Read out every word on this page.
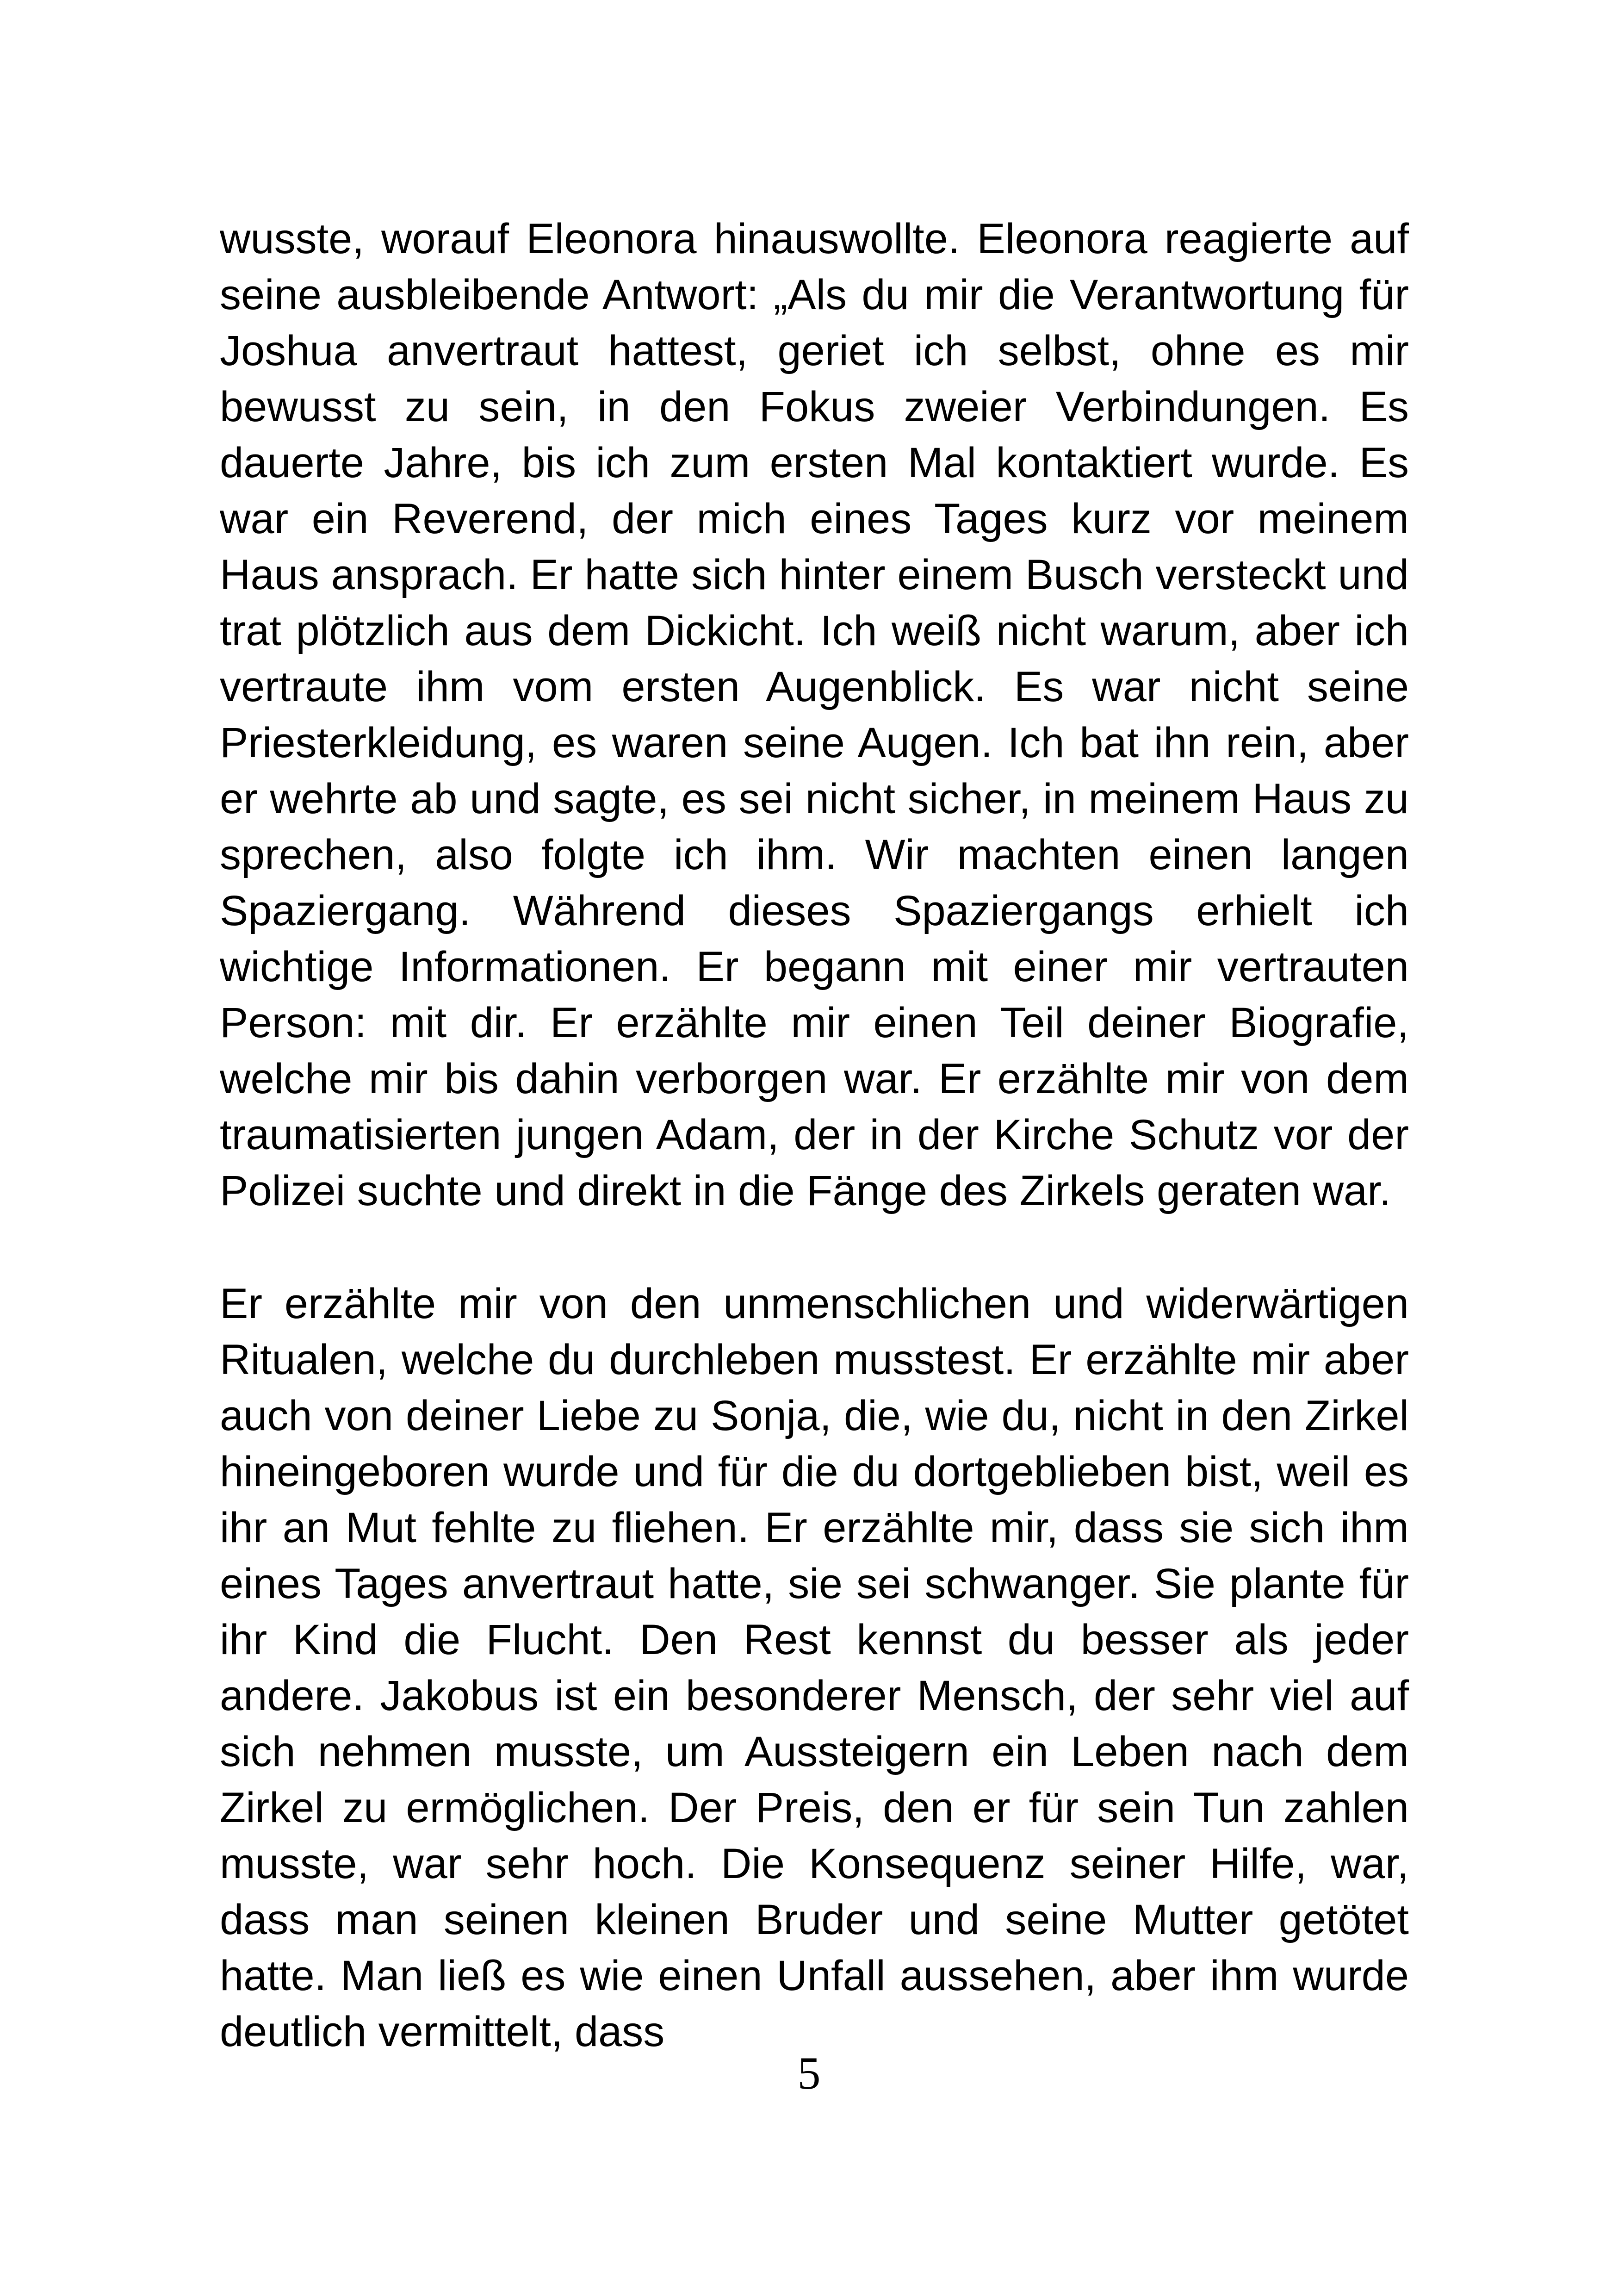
wusste, worauf Eleonora hinauswollte. Eleonora reagierte auf seine ausbleibende Antwort: „Als du mir die Verantwortung für Joshua anvertraut hattest, geriet ich selbst, ohne es mir bewusst zu sein, in den Fokus zweier Verbindungen. Es dauerte Jahre, bis ich zum ersten Mal kontaktiert wurde. Es war ein Reverend, der mich eines Tages kurz vor meinem Haus ansprach. Er hatte sich hinter einem Busch versteckt und trat plötzlich aus dem Dickicht. Ich weiß nicht warum, aber ich vertraute ihm vom ersten Augenblick. Es war nicht seine Priesterkleidung, es waren seine Augen. Ich bat ihn rein, aber er wehrte ab und sagte, es sei nicht sicher, in meinem Haus zu sprechen, also folgte ich ihm. Wir machten einen langen Spaziergang. Während dieses Spaziergangs erhielt ich wichtige Informationen. Er begann mit einer mir vertrauten Person: mit dir. Er erzählte mir einen Teil deiner Biografie, welche mir bis dahin verborgen war. Er erzählte mir von dem traumatisierten jungen Adam, der in der Kirche Schutz vor der Polizei suchte und direkt in die Fänge des Zirkels geraten war.

Er erzählte mir von den unmenschlichen und widerwärtigen Ritualen, welche du durchleben musstest. Er erzählte mir aber auch von deiner Liebe zu Sonja, die, wie du, nicht in den Zirkel hineingeboren wurde und für die du dortgeblieben bist, weil es ihr an Mut fehlte zu fliehen. Er erzählte mir, dass sie sich ihm eines Tages anvertraut hatte, sie sei schwanger. Sie plante für ihr Kind die Flucht. Den Rest kennst du besser als jeder andere. Jakobus ist ein besonderer Mensch, der sehr viel auf sich nehmen musste, um Aussteigern ein Leben nach dem Zirkel zu ermöglichen. Der Preis, den er für sein Tun zahlen musste, war sehr hoch. Die Konsequenz seiner Hilfe, war, dass man seinen kleinen Bruder und seine Mutter getötet hatte. Man ließ es wie einen Unfall aussehen, aber ihm wurde deutlich vermittelt, dass

5
